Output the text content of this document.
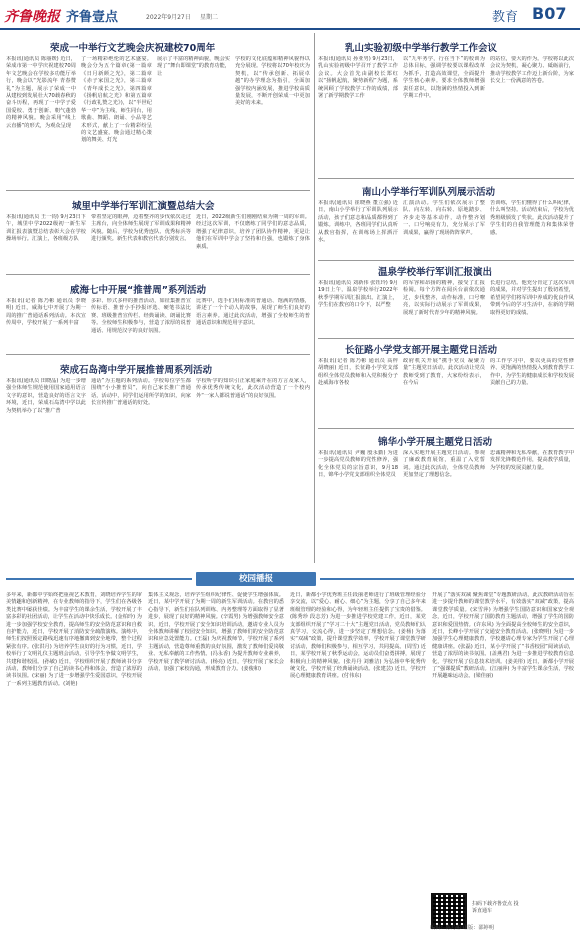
齐鲁晚报 齐鲁壹点	2022年9月27日 星期二	教育 B07
荣成一中举行文艺晚会庆祝建校70周年
本报讯(通讯员 陈丽媛) 近日，荣成市第一中学庆祝建校70周年文艺晚会在学校多功能厅举行，晚会以“光影流年 青春赞礼”为主题，展示了荣成一中从建校到发展壮大70载春秋的奋斗历程，再现了一中学子爱国爱校、勇于创新、朝气蓬勃的精神风貌。晚会采用“线上云直播”的形式，为观众呈现
了一场精彩绝伦的艺术盛宴。晚会分为五个篇章(第一篇章《日月新颜之光》，第二篇章《赤子家国之光》，第三篇章《青年成长之光》，第四篇章《扬帆启航之光》和第五篇章《行政礼赞之光》)，以“半世纪华一中”为主线，师生同台，用歌曲、舞蹈、朗诵、小品等艺术形式，献上了一台精彩纷呈的文艺盛宴。晚会通过精心策划的舞美、灯光
展示了丰富的精神面貌，晚会实现了“舞台即课堂”的教育功能，让
学校的文化底蕴和精神风貌得以充分展现。学校将以70年校庆为契机，以“传承创新、拓展卓越”的办学理念为指引，全面加强学校内涵发展，推进学校高质量发展，不断开创荣成一中更加美好的未来。
城里中学举行军训汇演暨总结大会
本报讯(通讯员 王一钧) 9月23日下午，城里中学2022级初一新生军训汇报表演暨总结表彰大会在学校操场举行。汇演上，各班级方队
带着坚定的眼神，迈着整齐的步伐依次走过主席台，向全体师生展现了军训成果和精神风貌。随后，学校为优秀连队、优秀标兵等进行颁奖。新生代表和教官代表分别发言。
近日，2022级新生们刚刚结束为期一周的军训。经过这次军训，不仅磨练了同学们的意志品质，增强了纪律意识，培养了团队协作精神，更是让他们在军训中学会了坚持和自强，也锻炼了身体素质。
威海七中开展“推普周”系列活动
本报讯(记者 陈乃彬 通讯员 李晓明) 近日，威海七中开展了为期一周的推广普通话系列活动。本次宣传周中，学校开展了一系列丰富
多彩、形式多样的推普活动，如征集推普宣传标语、推普小手抄报评选、硬笔书法比赛、班级推普宣传栏、经典诵读、朗诵比赛等。全校师生积极参与，营造了浓厚的说普通话、用规范汉字的良好氛围。
比赛中，选手们用标准的普通话、饱满的情感，讲述了一个个动人的故事，展现了师生们良好的语言素养。通过此次活动，增强了全校师生的普通话意识和规范用字意识。
荣成石岛湾中学开展推普周系列活动
本报讯(通讯员 田晓晶) 为进一步增强全体师生规范使用国家通用语言文字的意识，营造良好的语言文字环境，近日，荣成石岛湾中学以此为契机举办了以“推广普
通话”为主题的系列活动。学校每位学生都围绕“小小推普员”，向自己家长推广普通话，活动中，同学们运用所学的知识，向家长宣传推广普通话的好处。
学校听学的知识引正家庭乘开在的方言及家人，传承优秀传统文化，此次活动营造了一个校内外“一家人都说普通话”的良好氛围。
乳山实验初级中学举行教学工作会议
本报讯(通讯员 孙亚男) 9月23日，乳山实验初级中学召开了教学工作会议。大会首先由副校长郑红以“扬帆起航，聚势新程”为题，系统回顾了学校教学工作的成绩，部署了新学期教学工作
以“九年务学，行在当下”的校训为总体目标，强调学校要以课程改革为抓手，打造高效课堂，全面提升学生核心素养。要求全体教师增强责任意识，以饱满的热情投入到新学期工作中。
的站位，要大的作为。学校将以此次会议为契机，凝心聚力、砥砺前行，推动学校教学工作迈上新台阶，为家长交上一份满意的答卷。
南山小学举行军训队列展示活动
本报讯(通讯员 崔晓燕 董立强) 近日，南山小学举行了军训队列展示活动，孩子们意志和品质都得到了锻炼。训练中，各班同学们认真听从教官指挥，在训练场上挥洒汗水。
汇演活动。学生们依次展示了整队、向左转、向右转、原地踏步、齐步走等基本动作，动作整齐划一、口号响亮有力，充分展示了军训成果，赢得了现场阵阵掌声。
苦训练，学生们懂得了什么叫纪律，什么叫坚持。活动结束后，学校为优秀班级颁发了奖状。此次活动提升了学生们的自我管理能力和集体荣誉感。
温泉学校举行军训汇报演出
本报讯(通讯员 刘新伟 张钰玲) 9月19日上午，温泉学校举行2022年秋季学期军训汇报演出。汇演上，学生们在教官的口令下，以严整
的军容和昂扬的精神，接受了汇报检阅。每个方阵在阅兵台前依次通过，步伐整齐，动作标准，口号嘹亮，以实际行动展示了军训成果，展现了新时代青少年的精神风貌。
长进行总结。他充分肯定了这次军训的成果，并对学生提出了殷切希望，希望同学们将军训中养成的优良作风带到今后的学习生活中，在新的学期取得更好的成绩。
长征路小学党支部开展主题党日活动
本报讯(记者 陈乃彬 通讯员 高梓 胡晓丽) 近日，长征路小学党支部组织全体党员教师和入党积极分子赴威海市各校
政府机关开展“携手党员 凝聚力量”主题党日活动。此次活动让党员教师受到了教育，大家纷纷表示，在今后
的工作学习中，要以更高的党性修养、更饱满的热情投入到教育教学工作中，为学生的健康成长和学校发展贡献自己的力量。
锦华小学开展主题党日活动
本报讯(通讯员 尹巍 殷永勤) 为进一步提高党员教师的党性修养，强化全体党员的宗旨意识，9月18日，锦华小学党支部组织全体党员
深入实地开展主题党日活动。参观了廉政教育展馆，重温了入党誓词。通过此次活动，全体党员教师更加坚定了理想信念。
忠诚精神和无私奉献，在教育教学中发挥先锋模范作用，提高教学质量，为学校的发展贡献力量。
校园播报
多年来，新都中学始终把重视艺术教育，刘晓培养学生的审美情趣和创新精神，在专业教师的指导下，学生们在各级各类比赛中屡获佳绩。为丰富学生的课余生活，学校开展了丰富多彩的社团活动，让学生在活动中快乐成长。(金柏玲) 为进一步加强学校安全教育，提高师生的安全防范意识和自救自护能力，近日，学校开展了消防安全疏散演练。演练中，师生们按照预定路线迅速有序地撤离到安全地带，整个过程紧张有序。(张洪月) 为培养学生良好的行为习惯，近日，学校举行了文明礼仪主题班会活动，引导学生争做文明学生，共建和谐校园。(孙敏) 近日，学校组织开展了教师读书分享活动，教师们分享了自己的读书心得和体会，营造了浓厚的读书氛围。(宋丽) 为了进一步增强学生爱国意识，学校开展了一系列主题教育活动。(刘艳)
集体主义观念，培养学生组织纪律性、促使学生增强体质。近日，某中学开展了为期一周的新生军训活动。在教官的悉心指导下，新生们在队列训练、内务整理等方面取得了显著进步，展现了良好的精神风貌。(辛霞男) 为增强教师安全意识，近日，学校开展了安全知识培训活动，邀请专业人员为全体教师讲解了校园安全知识，增强了教师们的安全防范意识和应急处置能力。(王磊) 为庆祝教师节，学校开展了系列主题活动，营造尊师重教的良好氛围，激发了教师们爱岗敬业、无私奉献的工作热情。(冯永香) 为提升教师专业素养，学校开展了教学研讨活动。(杨亮) 近日，学校开展了家长会活动，加强了家校沟通，形成教育合力。(姜俊和)
近日，新都小学优秀班主任段丽老师进行了班级管理经验分享交流，以“爱心、耐心、细心”为主题，分享了自己多年来班级管理的经验和心得，为年轻班主任提供了宝贵的借鉴。(陈秀珍 段志芳) 为进一步推进学校党建工作，近日，某党支部组织开展了“学习二十大”主题党日活动，党员教师们认真学习，交流心得，进一步坚定了理想信念。(姜杨) 为落实“双减”政策，提升课堂教学效率，学校开展了课堂教学研讨活动，教师们积极参与，相互学习，共同提高。(周雪) 近日，某学校开展了秋季运动会，运动员们奋勇拼搏，展现了积极向上的精神风貌。(张丹丹 刘雅洁) 为弘扬中华优秀传统文化，学校开展了经典诵读活动。(张建芸) 近日，学校开展心理健康教育讲座。(付伟东)
开展了“落实双减 聚焦课堂”专题教研活动，此次教研活动旨在进一步提升教师的课堂教学水平，有效落实“双减”政策，提高课堂教学质量。(宋雪萍) 为增强学生国防意识和国家安全观念，近日，学校开展了国防教育主题活动，增强了学生的国防意识和爱国热情。(许东风) 为全面提高全校师生的安全意识，近日，长峰小学开展了交通安全教育活动。(张晓明) 为进一步加强学生心理健康教育，学校邀请心理专家为学生开展了心理健康讲座。(张磊) 近日，某小学开展了“书香校园”阅读活动，营造了浓厚的读书氛围。(盖燕君) 为进一步推进学校教育信息化，学校开展了信息技术培训。(姜美彤) 近日，新都小学开展了“强课提质”教研活动。(江丽萍) 为丰富学生课余生活，学校开展趣味运动会。(梁佳丽)
扫码下载齐鲁壹点 投诉直通车
编辑：陈乃彬 组版：邵婷明
